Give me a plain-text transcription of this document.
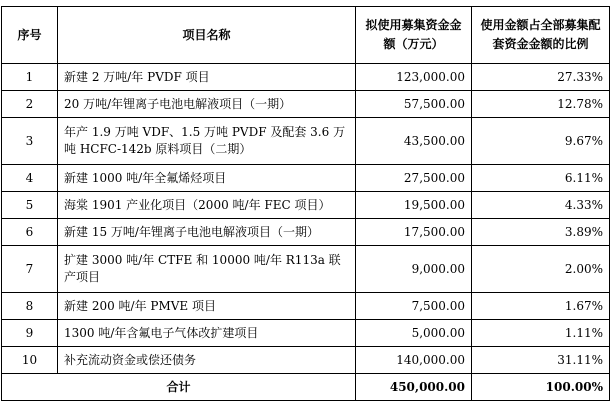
序号	项目名称	拟使用募集资金金额（万元）	使用金额占全部募集配套资金金额的比例
1	新建 2 万吨/年 PVDF 项目	123,000.00	27.33%
2	20 万吨/年锂离子电池电解液项目（一期）	57,500.00	12.78%
3	年产 1.9 万吨 VDF、1.5 万吨 PVDF 及配套 3.6 万吨 HCFC-142b 原料项目（二期）	43,500.00	9.67%
4	新建 1000 吨/年全氟烯烃项目	27,500.00	6.11%
5	海棠 1901 产业化项目（2000 吨/年 FEC 项目）	19,500.00	4.33%
6	新建 15 万吨/年锂离子电池电解液项目（一期）	17,500.00	3.89%
7	扩建 3000 吨/年 CTFE 和 10000 吨/年 R113a 联产项目	9,000.00	2.00%
8	新建 200 吨/年 PMVE 项目	7,500.00	1.67%
9	1300 吨/年含氟电子气体改扩建项目	5,000.00	1.11%
10	补充流动资金或偿还债务	140,000.00	31.11%
合计		450,000.00	100.00%
